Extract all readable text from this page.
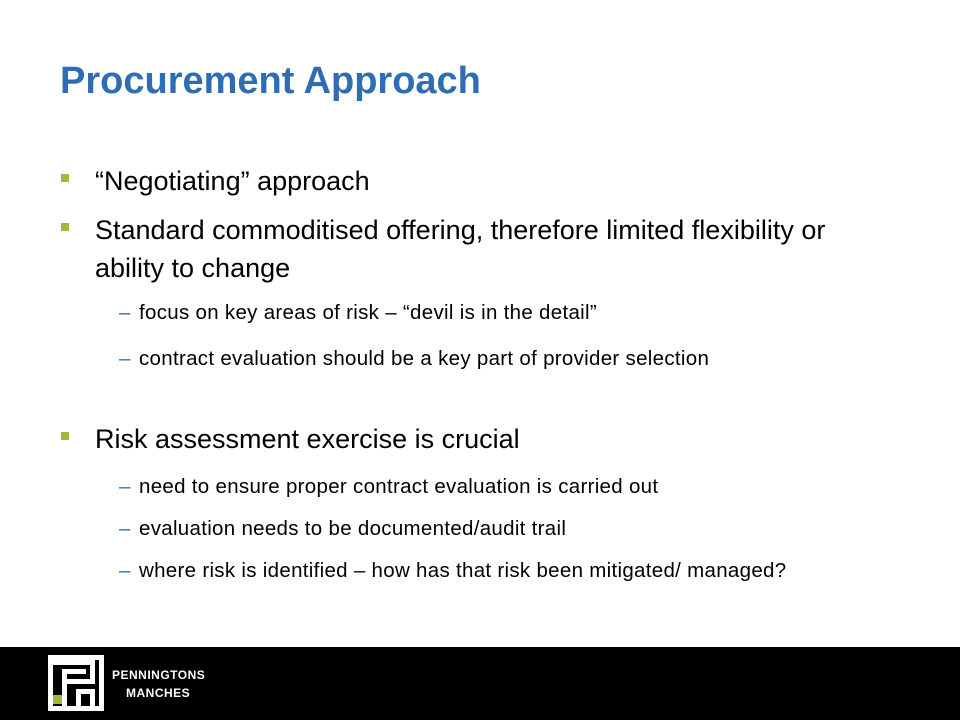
Procurement Approach
“Negotiating” approach
Standard commoditised offering, therefore limited flexibility or ability to change
– focus on key areas of risk – “devil is in the detail”
– contract evaluation should be a key part of provider selection
Risk assessment exercise is crucial
– need to ensure proper contract evaluation is carried out
– evaluation needs to be documented/audit trail
– where risk is identified – how has that risk been mitigated/ managed?
PENNINGTONS
MANCHES
